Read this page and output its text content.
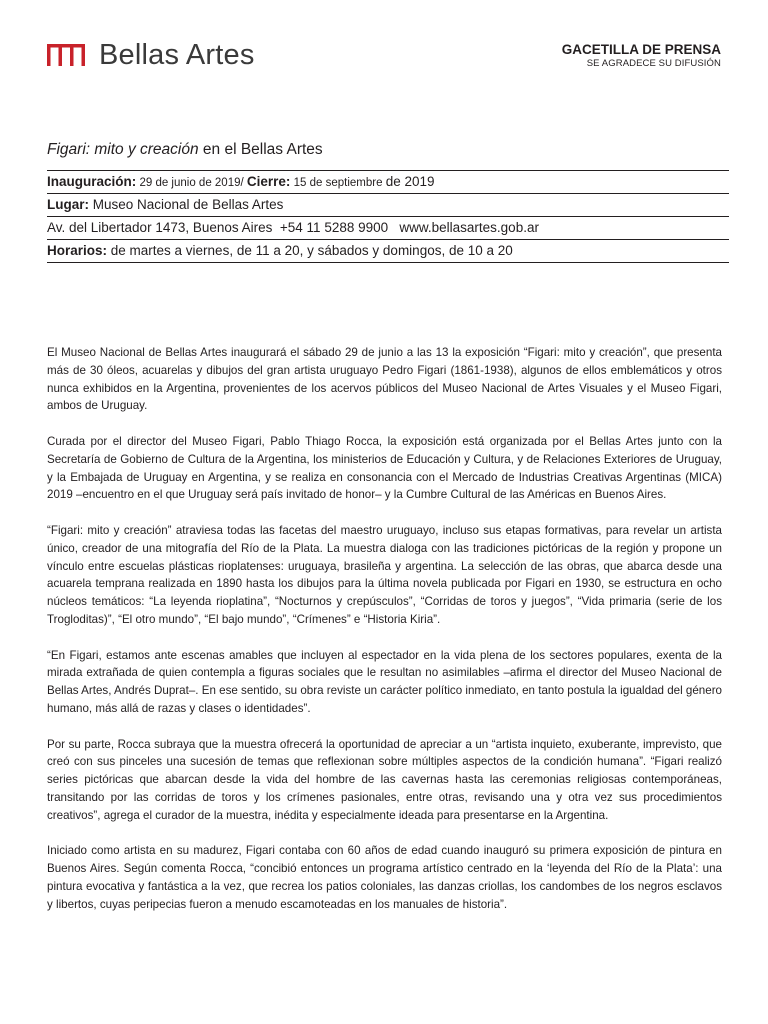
Bellas Artes	GACETILLA DE PRENSA
SE AGRADECE SU DIFUSIÓN
Figari: mito y creación en el Bellas Artes
Inauguración: 29 de junio de 2019/ Cierre: 15 de septiembre de 2019
Lugar: Museo Nacional de Bellas Artes
Av. del Libertador 1473, Buenos Aires  +54 11 5288 9900   www.bellasartes.gob.ar
Horarios: de martes a viernes, de 11 a 20, y sábados y domingos, de 10 a 20

El Museo Nacional de Bellas Artes inaugurará el sábado 29 de junio a las 13 la exposición “Figari: mito y creación”, que presenta más de 30 óleos, acuarelas y dibujos del gran artista uruguayo Pedro Figari (1861-1938), algunos de ellos emblemáticos y otros nunca exhibidos en la Argentina, provenientes de los acervos públicos del Museo Nacional de Artes Visuales y el Museo Figari, ambos de Uruguay.

Curada por el director del Museo Figari, Pablo Thiago Rocca, la exposición está organizada por el Bellas Artes junto con la Secretaría de Gobierno de Cultura de la Argentina, los ministerios de Educación y Cultura, y de Relaciones Exteriores de Uruguay, y la Embajada de Uruguay en Argentina, y se realiza en consonancia con el Mercado de Industrias Creativas Argentinas (MICA) 2019 –encuentro en el que Uruguay será país invitado de honor– y la Cumbre Cultural de las Américas en Buenos Aires.

“Figari: mito y creación” atraviesa todas las facetas del maestro uruguayo, incluso sus etapas formativas, para revelar un artista único, creador de una mitografía del Río de la Plata. La muestra dialoga con las tradiciones pictóricas de la región y propone un vínculo entre escuelas plásticas rioplatenses: uruguaya, brasileña y argentina. La selección de las obras, que abarca desde una acuarela temprana realizada en 1890 hasta los dibujos para la última novela publicada por Figari en 1930, se estructura en ocho núcleos temáticos: “La leyenda rioplatina”, “Nocturnos y crepúsculos”, “Corridas de toros y juegos”, “Vida primaria (serie de los Trogloditas)”, “El otro mundo”, “El bajo mundo”, “Crímenes” e “Historia Kiria”.

“En Figari, estamos ante escenas amables que incluyen al espectador en la vida plena de los sectores populares, exenta de la mirada extrañada de quien contempla a figuras sociales que le resultan no asimilables –afirma el director del Museo Nacional de Bellas Artes, Andrés Duprat–. En ese sentido, su obra reviste un carácter político inmediato, en tanto postula la igualdad del género humano, más allá de razas y clases o identidades”.

Por su parte, Rocca subraya que la muestra ofrecerá la oportunidad de apreciar a un “artista inquieto, exuberante, imprevisto, que creó con sus pinceles una sucesión de temas que reflexionan sobre múltiples aspectos de la condición humana”. “Figari realizó series pictóricas que abarcan desde la vida del hombre de las cavernas hasta las ceremonias religiosas contemporáneas, transitando por las corridas de toros y los crímenes pasionales, entre otras, revisando una y otra vez sus procedimientos creativos”, agrega el curador de la muestra, inédita y especialmente ideada para presentarse en la Argentina.

Iniciado como artista en su madurez, Figari contaba con 60 años de edad cuando inauguró su primera exposición de pintura en Buenos Aires. Según comenta Rocca, “concibió entonces un programa artístico centrado en la ‘leyenda del Río de la Plata’: una pintura evocativa y fantástica a la vez, que recrea los patios coloniales, las danzas criollas, los candombes de los negros esclavos y libertos, cuyas peripecias fueron a menudo escamoteadas en los manuales de historia”.
